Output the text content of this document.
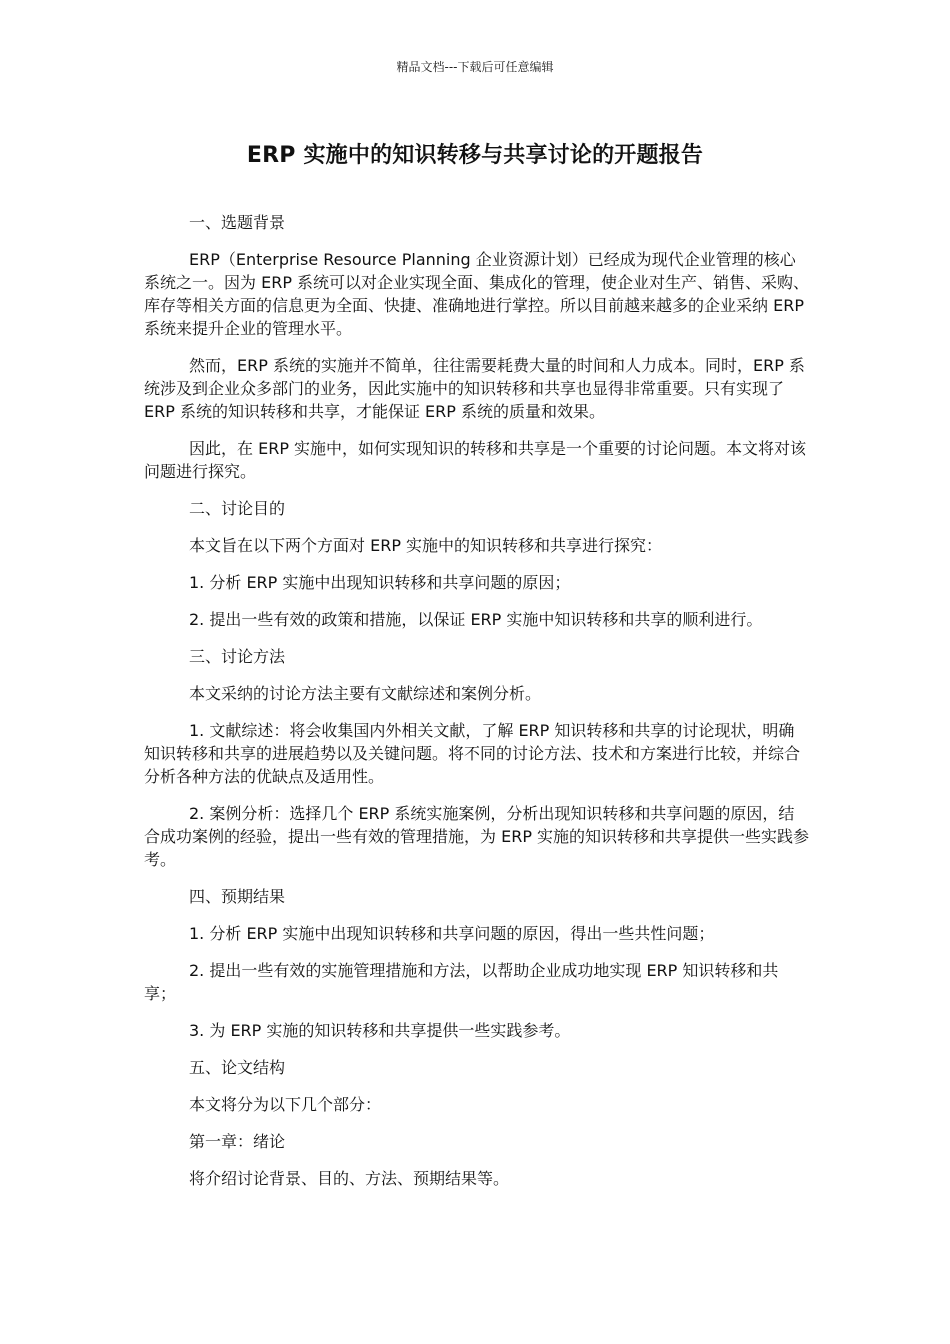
精品文档---下载后可任意编辑
ERP 实施中的知识转移与共享讨论的开题报告

一、选题背景

ERP（Enterprise Resource Planning 企业资源计划）已经成为现代企业管理的核心系统之一。因为 ERP 系统可以对企业实现全面、集成化的管理，使企业对生产、销售、采购、库存等相关方面的信息更为全面、快捷、准确地进行掌控。所以目前越来越多的企业采纳 ERP 系统来提升企业的管理水平。

然而，ERP 系统的实施并不简单，往往需要耗费大量的时间和人力成本。同时，ERP 系统涉及到企业众多部门的业务，因此实施中的知识转移和共享也显得非常重要。只有实现了 ERP 系统的知识转移和共享，才能保证 ERP 系统的质量和效果。

因此，在 ERP 实施中，如何实现知识的转移和共享是一个重要的讨论问题。本文将对该问题进行探究。

二、讨论目的

本文旨在以下两个方面对 ERP 实施中的知识转移和共享进行探究：

1. 分析 ERP 实施中出现知识转移和共享问题的原因；

2. 提出一些有效的政策和措施，以保证 ERP 实施中知识转移和共享的顺利进行。

三、讨论方法

本文采纳的讨论方法主要有文献综述和案例分析。

1. 文献综述：将会收集国内外相关文献，了解 ERP 知识转移和共享的讨论现状，明确知识转移和共享的进展趋势以及关键问题。将不同的讨论方法、技术和方案进行比较，并综合分析各种方法的优缺点及适用性。

2. 案例分析：选择几个 ERP 系统实施案例，分析出现知识转移和共享问题的原因，结合成功案例的经验，提出一些有效的管理措施，为 ERP 实施的知识转移和共享提供一些实践参考。

四、预期结果

1. 分析 ERP 实施中出现知识转移和共享问题的原因，得出一些共性问题；

2. 提出一些有效的实施管理措施和方法，以帮助企业成功地实现 ERP 知识转移和共享；

3. 为 ERP 实施的知识转移和共享提供一些实践参考。

五、论文结构

本文将分为以下几个部分：

第一章：绪论

将介绍讨论背景、目的、方法、预期结果等。
